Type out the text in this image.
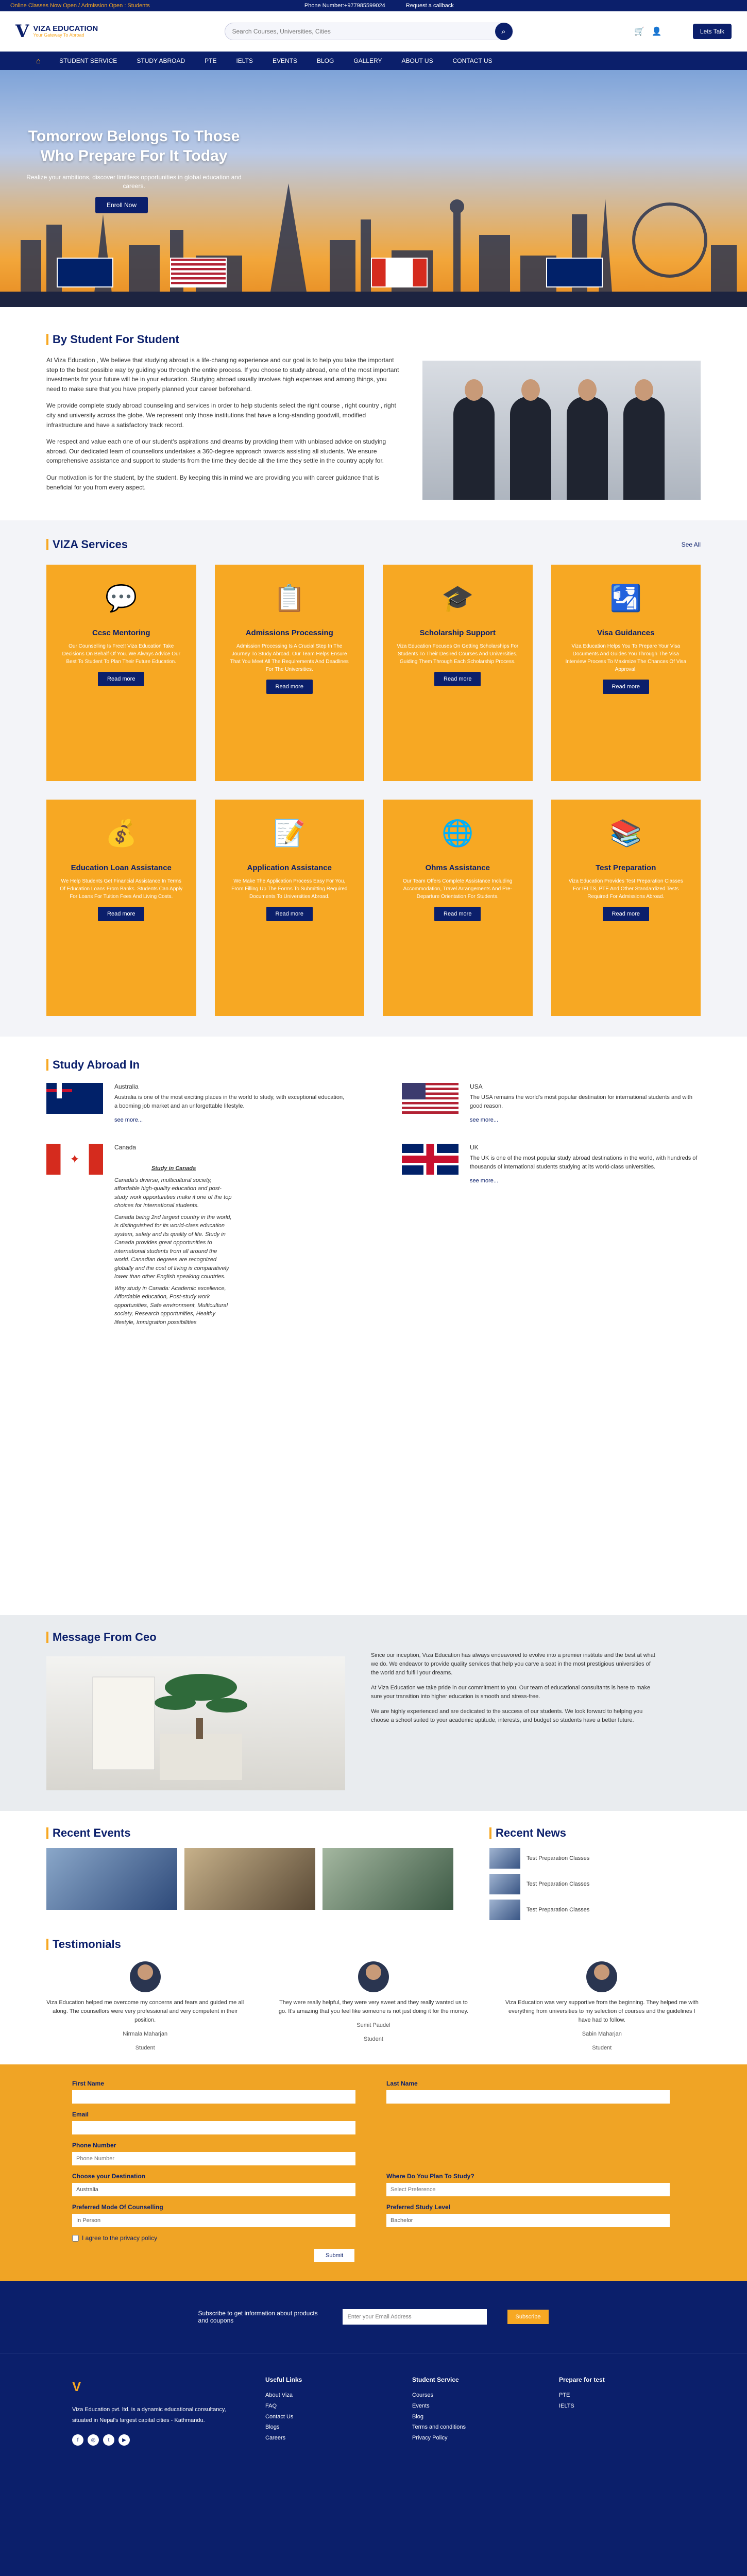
Online Classes Now Open / Admission Open : Students	Phone Number:+977985599024	Request a callback
V VIZA EDUCATION
Your Gateway To Abroad
Search Courses, Universities, Cities	⌕	🛒 👤	Lets Talk
⌂	STUDENT SERVICE	STUDY ABROAD	PTE	IELTS	EVENTS	BLOG	GALLERY	ABOUT US	CONTACT US
Tomorrow Belongs To Those Who Prepare For It Today

Realize your ambitions, discover limitless opportunities in global education and careers.

Enroll Now
By Student For Student

At Viza Education , We believe that studying abroad is a life-changing experience and our goal is to help you take the important step to the best possible way by guiding you through the entire process. If you choose to study abroad, one of the most important investments for your future will be in your education. Studying abroad usually involves high expenses and among things, you need to make sure that you have properly planned your career beforehand.

We provide complete study abroad counseling and services in order to help students select the right course , right country , right city and university across the globe. We represent only those institutions that have a long-standing goodwill, modified infrastructure and have a satisfactory track record.

We respect and value each one of our student's aspirations and dreams by providing them with unbiased advice on studying abroad. Our dedicated team of counsellors undertakes a 360-degree approach towards assisting all students. We ensure comprehensive assistance and support to students from the time they decide all the time they settle in the country apply for.

Our motivation is for the student, by the student. By keeping this in mind we are providing you with career guidance that is beneficial for you from every aspect.

VIZA Services	See All
💬
Ccsc Mentoring

Our Counselling Is Free!! Viza Education Take Decisions On Behalf Of You. We Always Advice Our Best To Student To Plan Their Future Education.

Read more
📋
Admissions Processing

Admission Processing Is A Crucial Step In The Journey To Study Abroad. Our Team Helps Ensure That You Meet All The Requirements And Deadlines For The Universities.

Read more
🎓
Scholarship Support

Viza Education Focuses On Getting Scholarships For Students To Their Desired Courses And Universities, Guiding Them Through Each Scholarship Process.

Read more
🛂
Visa Guidances

Viza Education Helps You To Prepare Your Visa Documents And Guides You Through The Visa Interview Process To Maximize The Chances Of Visa Approval.

Read more
💰
Education Loan Assistance

We Help Students Get Financial Assistance In Terms Of Education Loans From Banks. Students Can Apply For Loans For Tuition Fees And Living Costs.

Read more
📝
Application Assistance

We Make The Application Process Easy For You, From Filling Up The Forms To Submitting Required Documents To Universities Abroad.

Read more
🌐
Ohms Assistance

Our Team Offers Complete Assistance Including Accommodation, Travel Arrangements And Pre-Departure Orientation For Students.

Read more
📚
Test Preparation

Viza Education Provides Test Preparation Classes For IELTS, PTE And Other Standardized Tests Required For Admissions Abroad.

Read more
Study Abroad In
Australia
Australia is one of the most exciting places in the world to study, with exceptional education, a booming job market and an unforgettable lifestyle.
see more...
USA
The USA remains the world's most popular destination for international students and with good reason.
see more...
✦
Canada
Study in Canada

Canada's diverse, multicultural society, affordable high-quality education and post-study work opportunities make it one of the top choices for international students.

Canada being 2nd largest country in the world, is distinguished for its world-class education system, safety and its quality of life. Study in Canada provides great opportunities to international students from all around the world. Canadian degrees are recognized globally and the cost of living is comparatively lower than other English speaking countries.

Why study in Canada: Academic excellence, Affordable education, Post-study work opportunities, Safe environment, Multicultural society, Research opportunities, Healthy lifestyle, Immigration possibilities

UK
The UK is one of the most popular study abroad destinations in the world, with hundreds of thousands of international students studying at its world-class universities.
see more...
Message From Ceo

Since our inception, Viza Education has always endeavored to evolve into a premier institute and the best at what we do. We endeavor to provide quality services that help you carve a seat in the most prestigious universities of the world and fulfill your dreams.

At Viza Education we take pride in our commitment to you. Our team of educational consultants is here to make sure your transition into higher education is smooth and stress-free.

We are highly experienced and are dedicated to the success of our students. We look forward to helping you choose a school suited to your academic aptitude, interests, and budget so students have a better future.

Recent Events	Recent News
Test Preparation Classes
Test Preparation Classes
Test Preparation Classes
Testimonials

Viza Education helped me overcome my concerns and fears and guided me all along. The counsellors were very professional and very competent in their position.

Nirmala Maharjan
Student

They were really helpful, they were very sweet and they really wanted us to go. It's amazing that you feel like someone is not just doing it for the money.

Sumit Paudel
Student

Viza Education was very supportive from the beginning. They helped me with everything from universities to my selection of courses and the guidelines I have had to follow.

Sabin Maharjan
Student
First Name	Last Name
Email
Phone Number
Phone Number
Choose your Destination
Australia	Where Do You Plan To Study?
Select Preference
Preferred Mode Of Counselling
In Person	Preferred Study Level
Bachelor
I agree to the privacy policy
Submit
Subscribe to get information about products and coupons
Enter your Email Address	Subscribe
V

Viza Education pvt. ltd. is a dynamic educational consultancy, situated in Nepal's largest capital cities - Kathmandu.

f	◎	t	▶
Useful Links
About Viza
FAQ
Contact Us
Blogs
Careers
Student Service
Courses
Events
Blog
Terms and conditions
Privacy Policy
Prepare for test
PTE
IELTS
